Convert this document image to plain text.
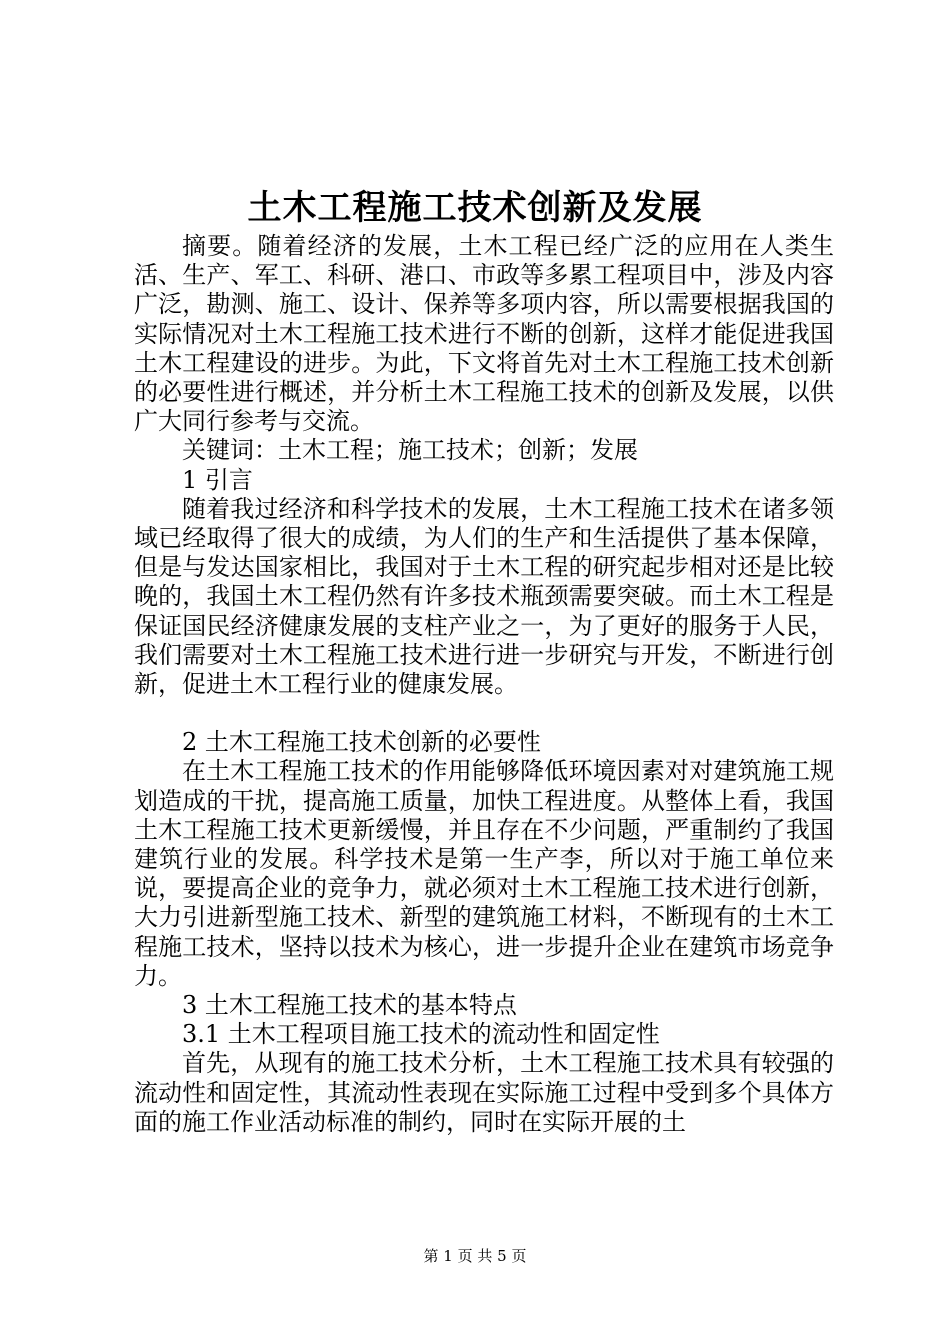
土木工程施工技术创新及发展

摘要。随着经济的发展，土木工程已经广泛的应用在人类生活、生产、军工、科研、港口、市政等多累工程项目中，涉及内容广泛，勘测、施工、设计、保养等多项内容，所以需要根据我国的实际情况对土木工程施工技术进行不断的创新，这样才能促进我国土木工程建设的进步。为此，下文将首先对土木工程施工技术创新的必要性进行概述，并分析土木工程施工技术的创新及发展，以供广大同行参考与交流。

关键词：土木工程；施工技术；创新；发展

1 引言

随着我过经济和科学技术的发展，土木工程施工技术在诸多领域已经取得了很大的成绩，为人们的生产和生活提供了基本保障，但是与发达国家相比，我国对于土木工程的研究起步相对还是比较晚的，我国土木工程仍然有许多技术瓶颈需要突破。而土木工程是保证国民经济健康发展的支柱产业之一，为了更好的服务于人民，我们需要对土木工程施工技术进行进一步研究与开发，不断进行创新，促进土木工程行业的健康发展。

2 土木工程施工技术创新的必要性

在土木工程施工技术的作用能够降低环境因素对对建筑施工规划造成的干扰，提高施工质量，加快工程进度。从整体上看，我国土木工程施工技术更新缓慢，并且存在不少问题，严重制约了我国建筑行业的发展。科学技术是第一生产李，所以对于施工单位来说，要提高企业的竞争力，就必须对土木工程施工技术进行创新，大力引进新型施工技术、新型的建筑施工材料，不断现有的土木工程施工技术，坚持以技术为核心，进一步提升企业在建筑市场竞争力。

3 土木工程施工技术的基本特点

3.1 土木工程项目施工技术的流动性和固定性

首先，从现有的施工技术分析，土木工程施工技术具有较强的流动性和固定性，其流动性表现在实际施工过程中受到多个具体方面的施工作业活动标准的制约，同时在实际开展的土

第 1 页 共 5 页
